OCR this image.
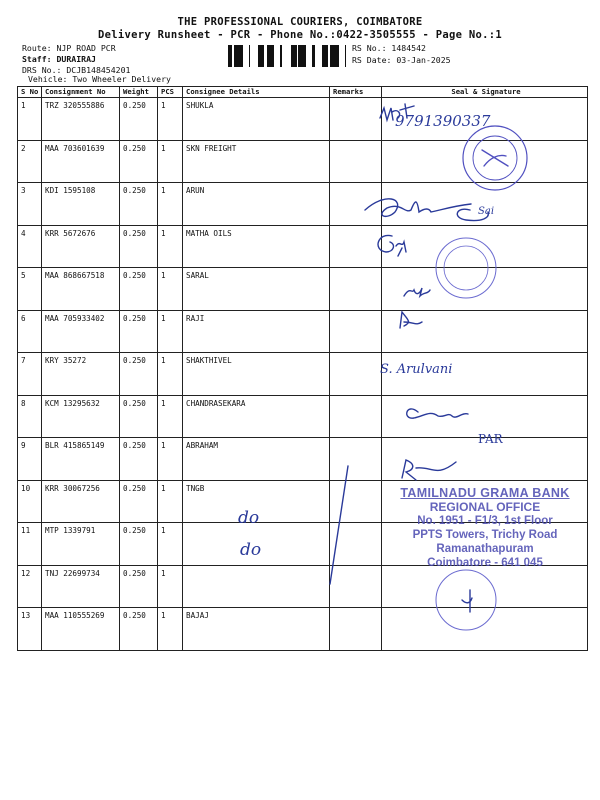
THE PROFESSIONAL COURIERS, COIMBATORE
Delivery Runsheet - PCR - Phone No.:0422-3505555 - Page No.:1
Route: NJP ROAD PCR
Staff: DURAIRAJ
DRS No.: DCJB148454201
Vehicle: Two Wheeler Delivery
RS No.: 1484542
RS Date: 03-Jan-2025
S No	Consignment No	Weight	PCS	Consignee Details	Remarks	Seal & Signature
1	TRZ 320555886	0.250	1	SHUKLA		
2	MAA 703601639	0.250	1	SKN FREIGHT		
3	KDI 1595108	0.250	1	ARUN		
4	KRR 5672676	0.250	1	MATHA OILS		
5	MAA 868667518	0.250	1	SARAL		
6	MAA 705933402	0.250	1	RAJI		
7	KRY 35272	0.250	1	SHAKTHIVEL		
8	KCM 13295632	0.250	1	CHANDRASEKARA		
9	BLR 415865149	0.250	1	ABRAHAM		
10	KRR 30067256	0.250	1	TNGB		
11	MTP 1339791	0.250	1			
12	TNJ 22699734	0.250	1			
13	MAA 110555269	0.250	1	BAJAJ		
9791390337
Sai
S. Arulvani
PAR
do
do
TAMILNADU GRAMA BANK
REGIONAL OFFICE
No. 1951 - F1/3, 1st Floor
PPTS Towers, Trichy Road
Ramanathapuram
Coimbatore - 641 045
